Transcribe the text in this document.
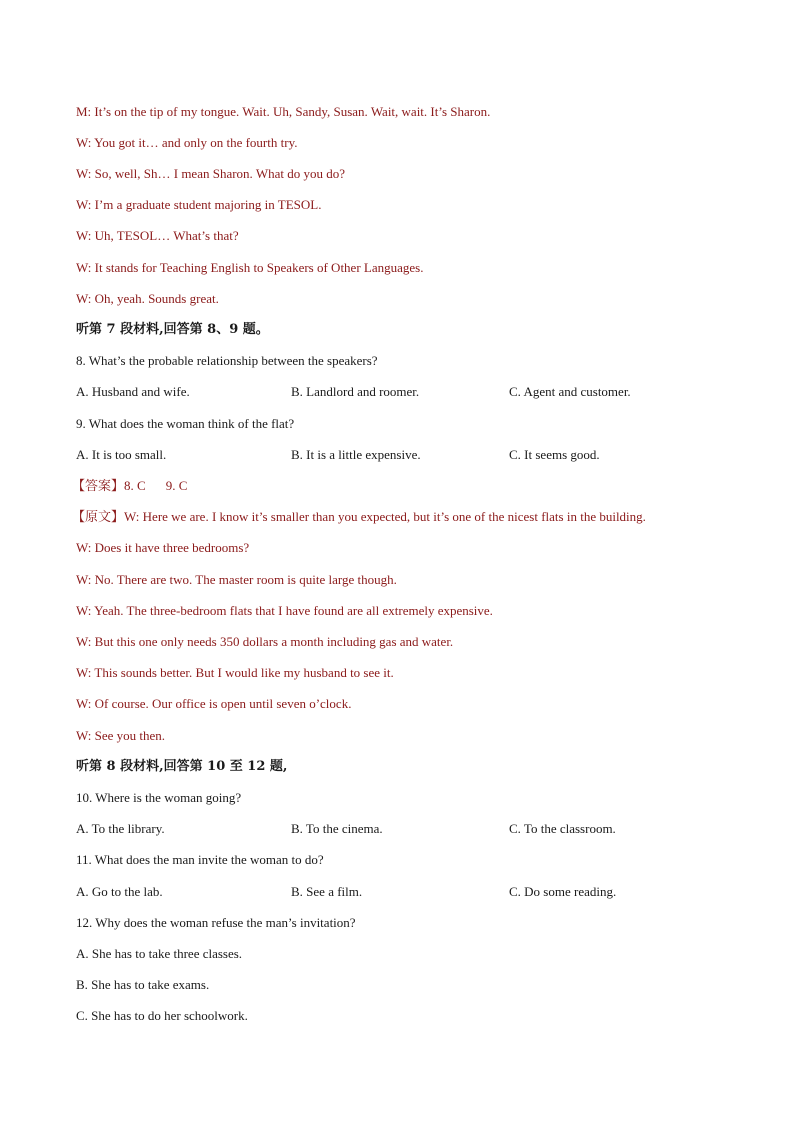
M: It’s on the tip of my tongue. Wait. Uh, Sandy, Susan. Wait, wait. It’s Sharon.
W: You got it… and only on the fourth try.
W: So, well, Sh… I mean Sharon. What do you do?
W: I’m a graduate student majoring in TESOL.
W: Uh, TESOL… What’s that?
W: It stands for Teaching English to Speakers of Other Languages.
W: Oh, yeah. Sounds great.
听第 7 段材料,回答第 8、9 题。
8. What’s the probable relationship between the speakers?
A. Husband and wife.	B. Landlord and roomer.	C. Agent and customer.
9. What does the woman think of the flat?
A. It is too small.	B. It is a little expensive.	C. It seems good.
【答案】8. C 9. C
【原文】W: Here we are. I know it’s smaller than you expected, but it’s one of the nicest flats in the building.
W: Does it have three bedrooms?
W: No. There are two. The master room is quite large though.
W: Yeah. The three-bedroom flats that I have found are all extremely expensive.
W: But this one only needs 350 dollars a month including gas and water.
W: This sounds better. But I would like my husband to see it.
W: Of course. Our office is open until seven o’clock.
W: See you then.
听第 8 段材料,回答第 10 至 12 题,
10. Where is the woman going?
A. To the library.	B. To the cinema.	C. To the classroom.
11. What does the man invite the woman to do?
A. Go to the lab.	B. See a film.	C. Do some reading.
12. Why does the woman refuse the man’s invitation?
A. She has to take three classes.
B. She has to take exams.
C. She has to do her schoolwork.
